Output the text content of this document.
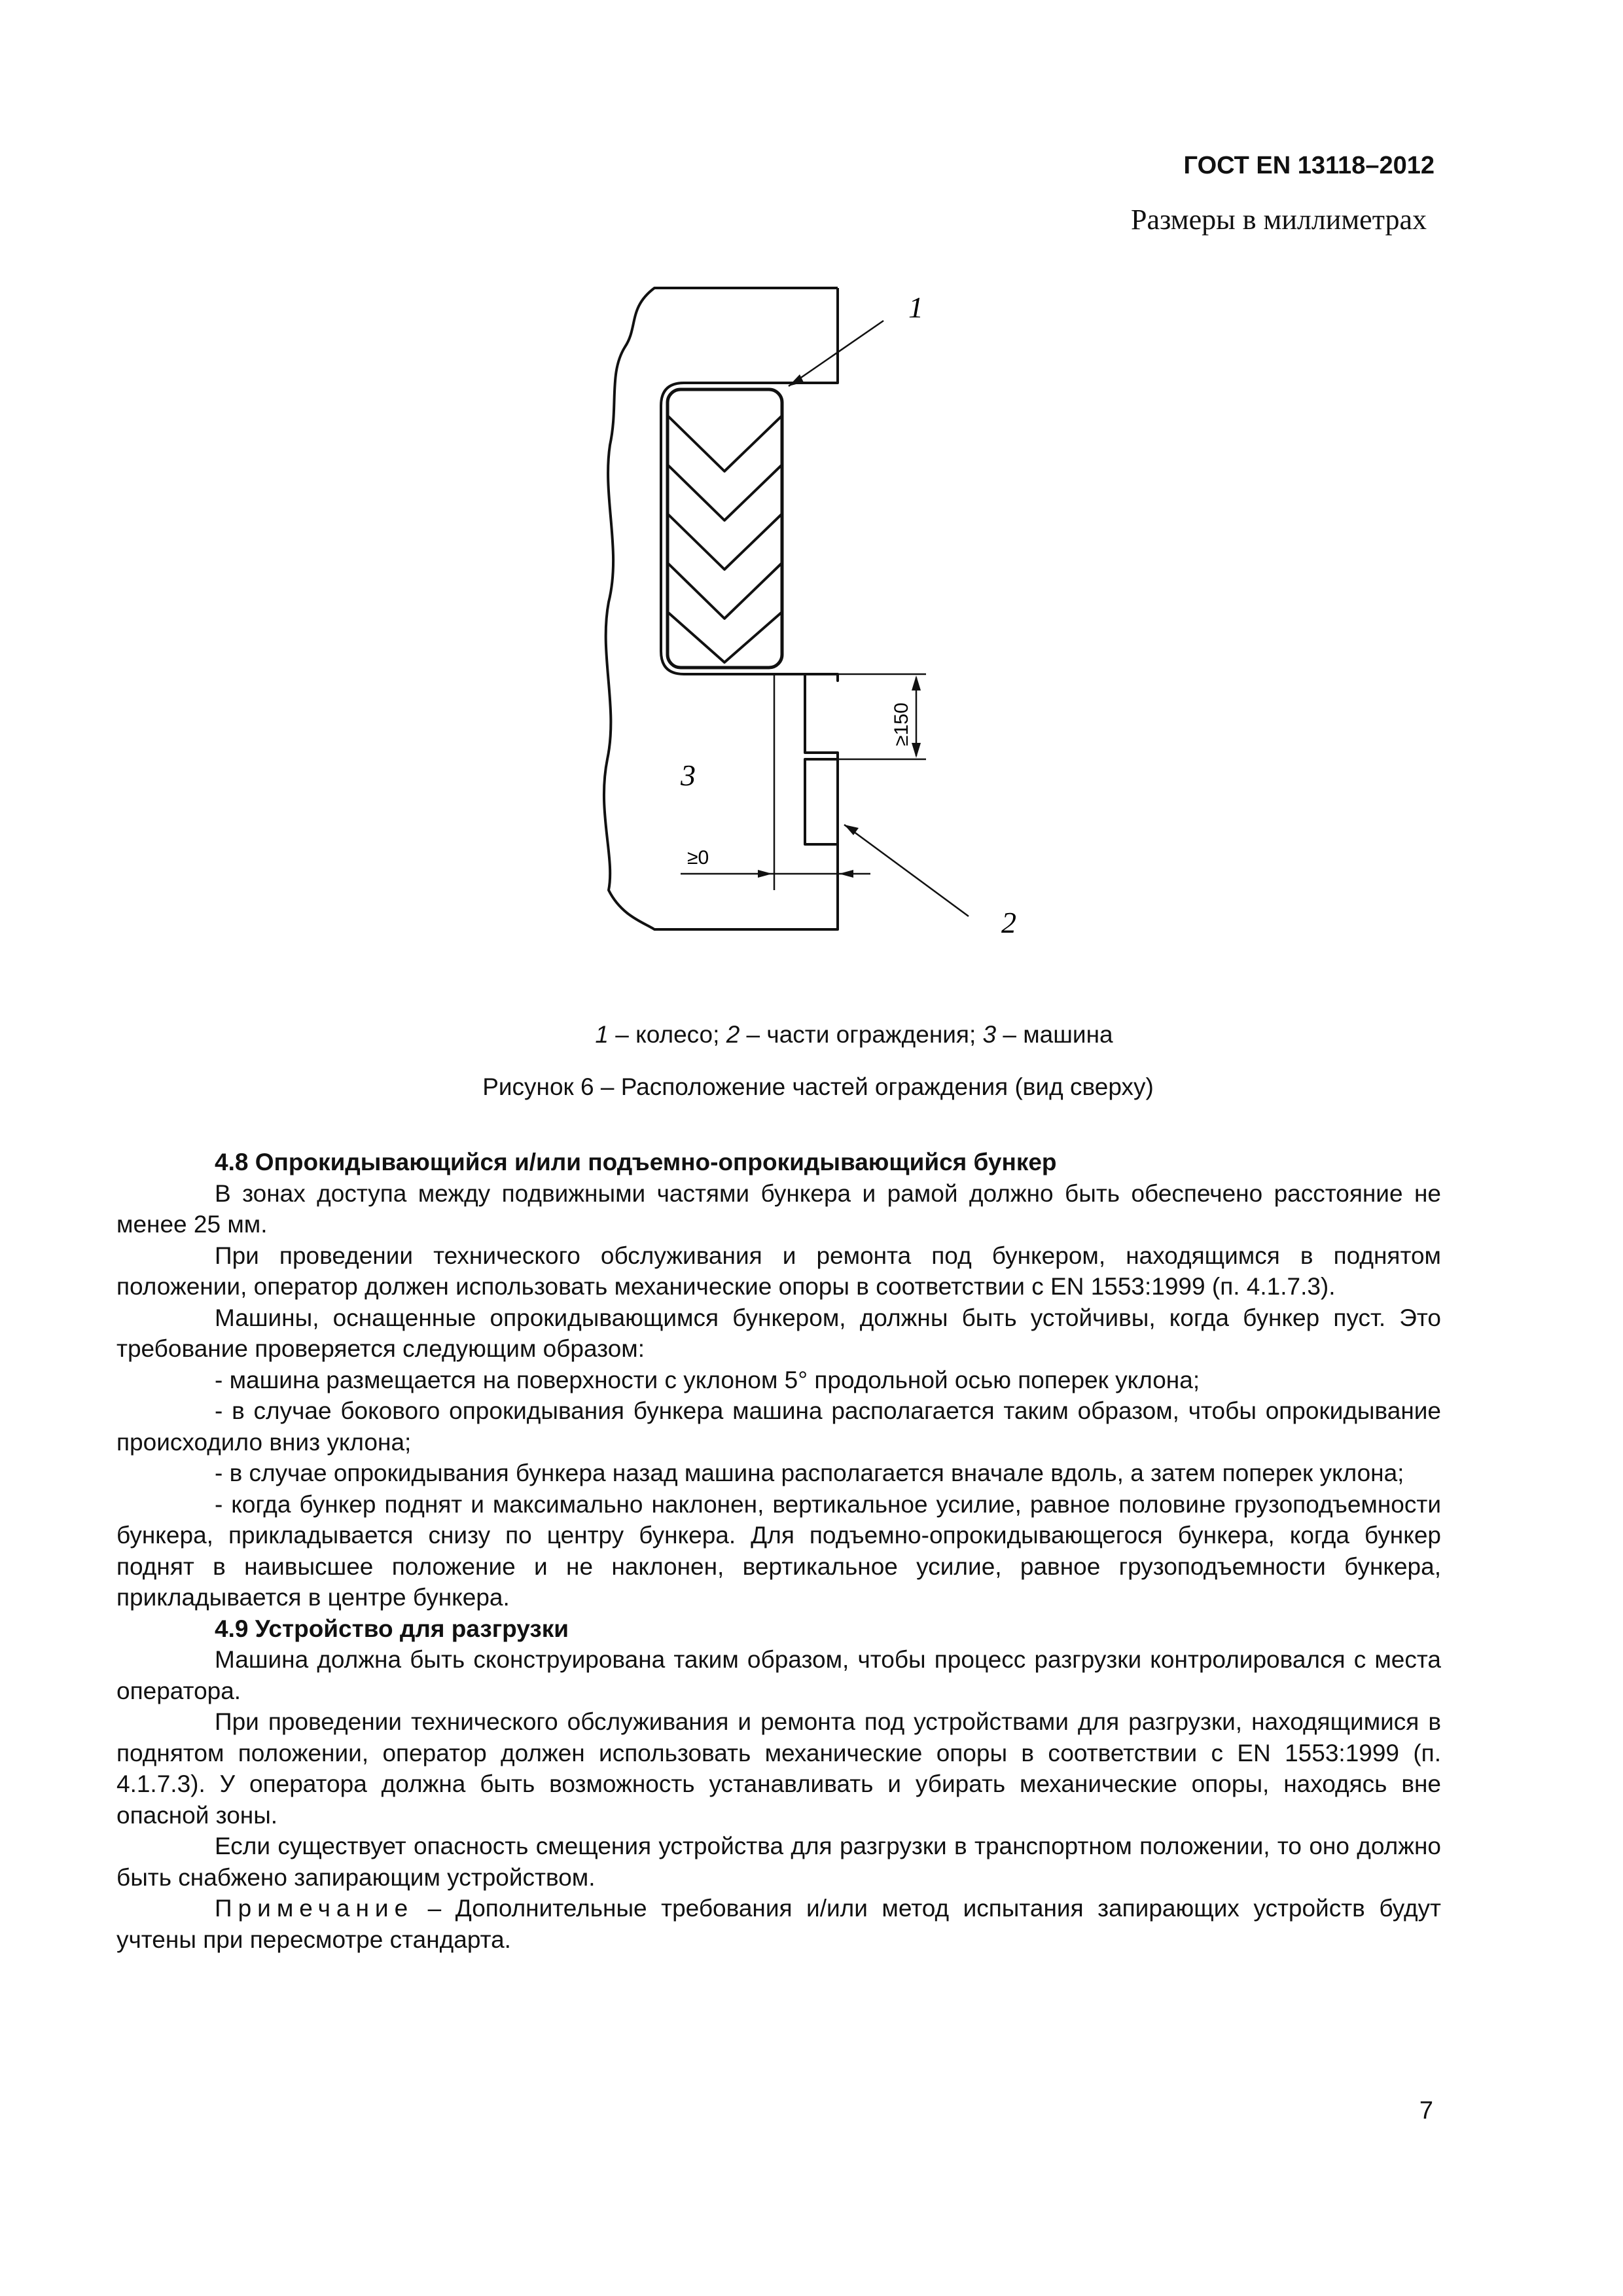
ГОСТ EN 13118–2012
Размеры в миллиметрах
1
2
3
≥0
≥150
1 – колесо; 2 – части ограждения; 3 – машина
Рисунок 6 – Расположение частей ограждения (вид сверху)

4.8 Опрокидывающийся и/или подъемно-опрокидывающийся бункер

В зонах доступа между подвижными частями бункера и рамой должно быть обеспечено расстояние не менее 25 мм.

При проведении технического обслуживания и ремонта под бункером, находящимся в поднятом положении, оператор должен использовать механические опоры в соответствии с EN 1553:1999 (п. 4.1.7.3).

Машины, оснащенные опрокидывающимся бункером, должны быть устойчивы, когда бункер пуст. Это требование проверяется следующим образом:

- машина размещается на поверхности с уклоном 5° продольной осью поперек уклона;

- в случае бокового опрокидывания бункера машина располагается таким образом, чтобы опрокидывание происходило вниз уклона;

- в случае опрокидывания бункера назад машина располагается вначале вдоль, а затем поперек уклона;

- когда бункер поднят и максимально наклонен, вертикальное усилие, равное половине грузоподъемности бункера, прикладывается снизу по центру бункера. Для подъемно-опрокидывающегося бункера, когда бункер поднят в наивысшее положение и не наклонен, вертикальное усилие, равное грузоподъемности бункера, прикладывается в центре бункера.

4.9 Устройство для разгрузки

Машина должна быть сконструирована таким образом, чтобы процесс разгрузки контролировался с места оператора.

При проведении технического обслуживания и ремонта под устройствами для разгрузки, находящимися в поднятом положении, оператор должен использовать механические опоры в соответствии с EN 1553:1999 (п. 4.1.7.3). У оператора должна быть возможность устанавливать и убирать механические опоры, находясь вне опасной зоны.

Если существует опасность смещения устройства для разгрузки в транспортном положении, то оно должно быть снабжено запирающим устройством.

Примечание – Дополнительные требования и/или метод испытания запирающих устройств будут учтены при пересмотре стандарта.

7
